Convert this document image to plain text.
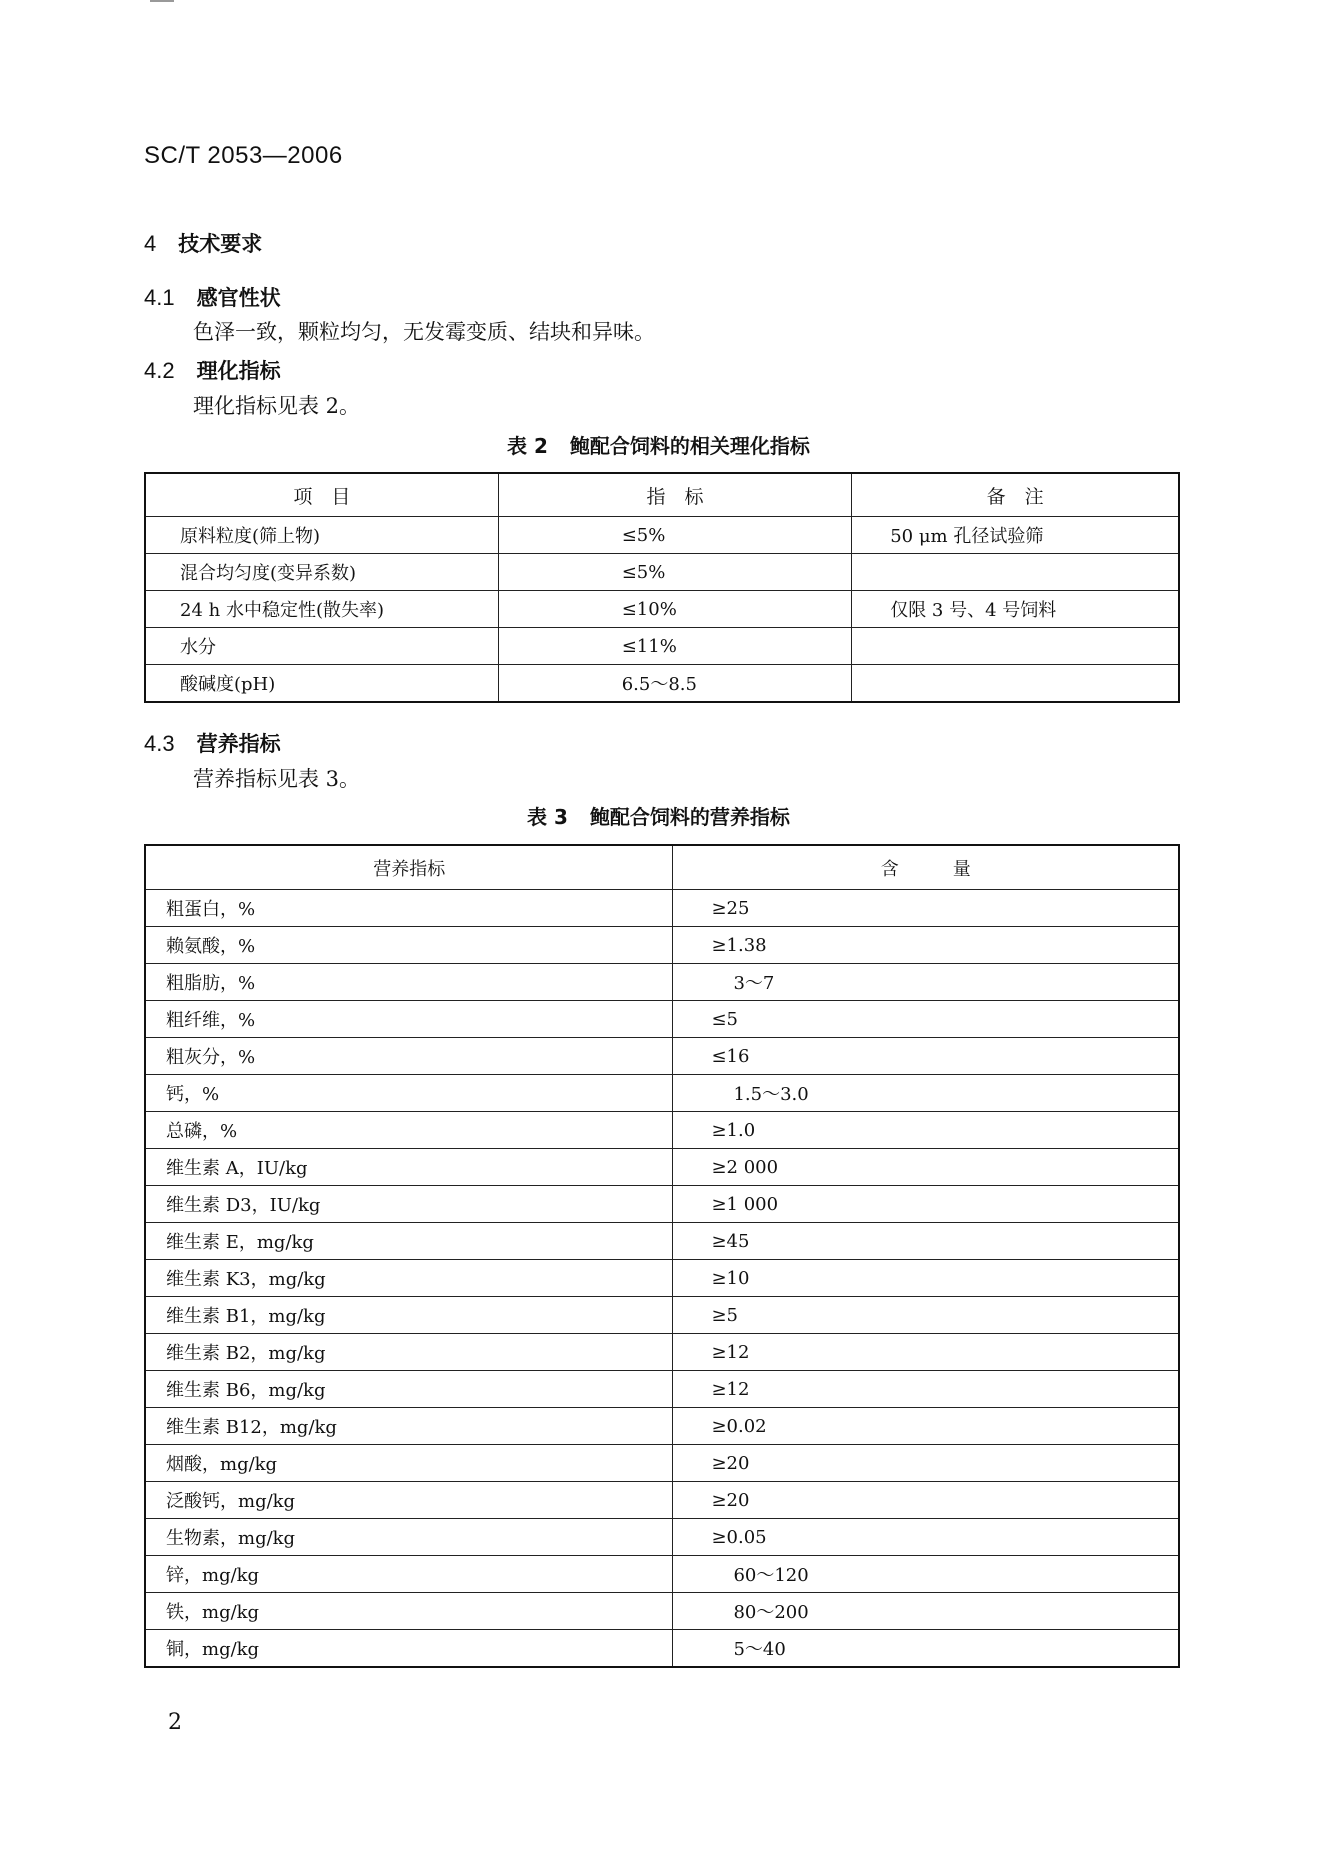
SC/T 2053—2006
4 技术要求
4.1 感官性状
色泽一致，颗粒均匀，无发霉变质、结块和异味。
4.2 理化指标
理化指标见表 2。
表 2 鲍配合饲料的相关理化指标
项　目	指　标	备　注
原料粒度(筛上物)	≤5%	50 μm 孔径试验筛
混合均匀度(变异系数)	≤5%	
24 h 水中稳定性(散失率)	≤10%	仅限 3 号、4 号饲料
水分	≤11%	
酸碱度(pH)	6.5～8.5	
4.3 营养指标
营养指标见表 3。
表 3 鲍配合饲料的营养指标
营养指标	含　　　量
粗蛋白，%	≥25
赖氨酸，%	≥1.38
粗脂肪，%	3～7
粗纤维，%	≤5
粗灰分，%	≤16
钙，%	1.5～3.0
总磷，%	≥1.0
维生素 A，IU/kg	≥2 000
维生素 D3，IU/kg	≥1 000
维生素 E，mg/kg	≥45
维生素 K3，mg/kg	≥10
维生素 B1，mg/kg	≥5
维生素 B2，mg/kg	≥12
维生素 B6，mg/kg	≥12
维生素 B12，mg/kg	≥0.02
烟酸，mg/kg	≥20
泛酸钙，mg/kg	≥20
生物素，mg/kg	≥0.05
锌，mg/kg	60～120
铁，mg/kg	80～200
铜，mg/kg	5～40
2
